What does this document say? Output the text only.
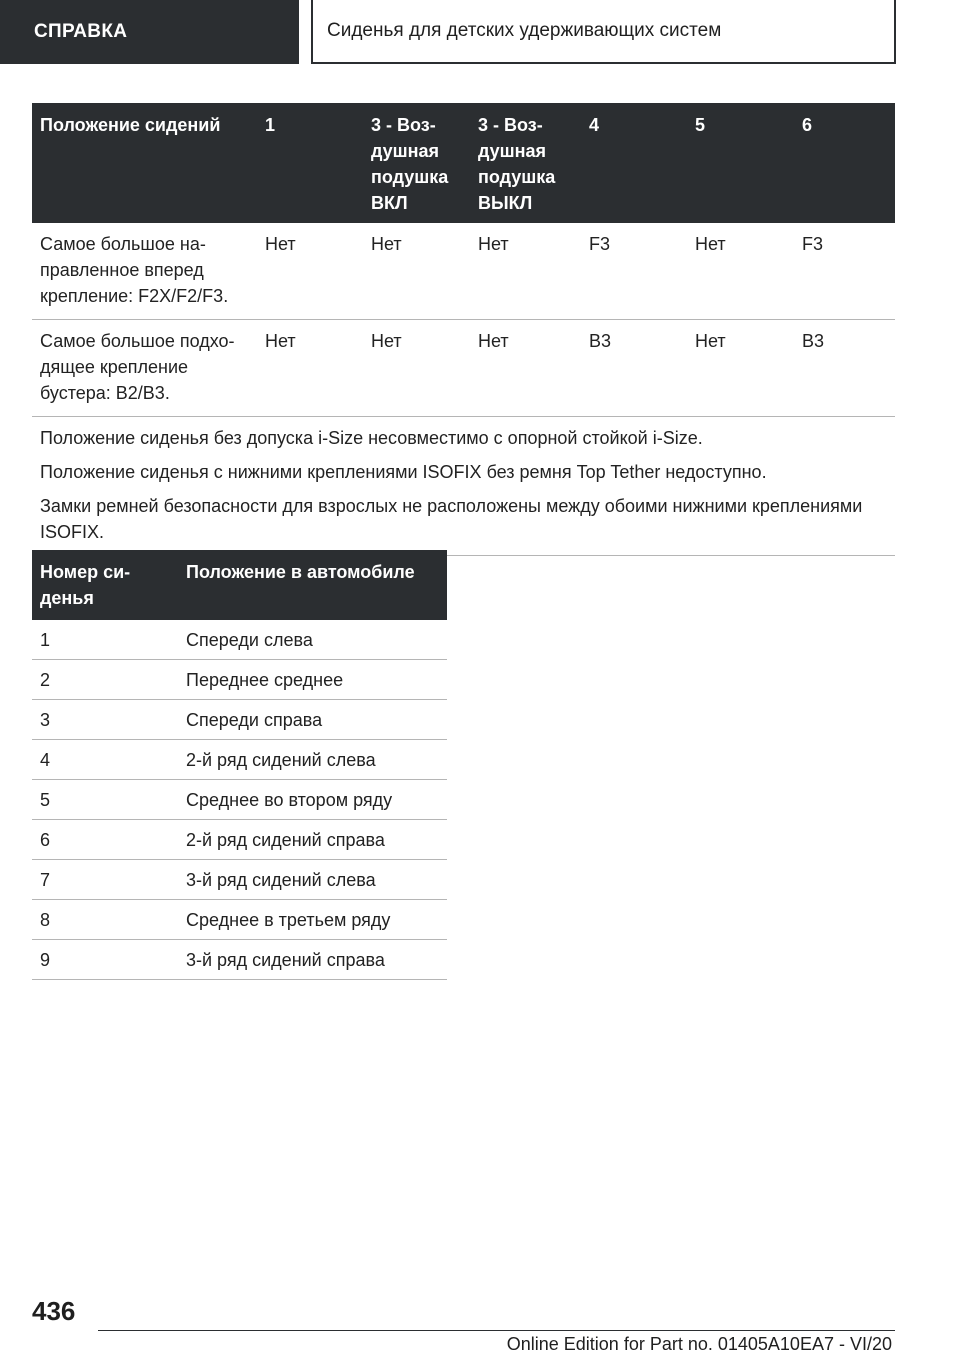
СПРАВКА	Сиденья для детских удерживающих систем
Положение сидений	1	3 - Воз- душная подушка ВКЛ	3 - Воз- душная подушка ВЫКЛ	4	5	6
Самое большое на- правленное вперед крепление: F2X/F2/F3.	Нет	Нет	Нет	F3	Нет	F3
Самое большое подхо- дящее крепление бустера: B2/B3.	Нет	Нет	Нет	B3	Нет	B3

Положение сиденья без допуска i-Size несовместимо с опорной стойкой i-Size.

Положение сиденья с нижними креплениями ISOFIX без ремня Top Tether недоступно.

Замки ремней безопасности для взрослых не расположены между обоими нижними креплениями ISOFIX.						

Номер си- денья	Положение в автомобиле
1	Спереди слева
2	Переднее среднее
3	Спереди справа
4	2-й ряд сидений слева
5	Среднее во втором ряду
6	2-й ряд сидений справа
7	3-й ряд сидений слева
8	Среднее в третьем ряду
9	3-й ряд сидений справа
436
Online Edition for Part no. 01405A10EA7 - VI/20
